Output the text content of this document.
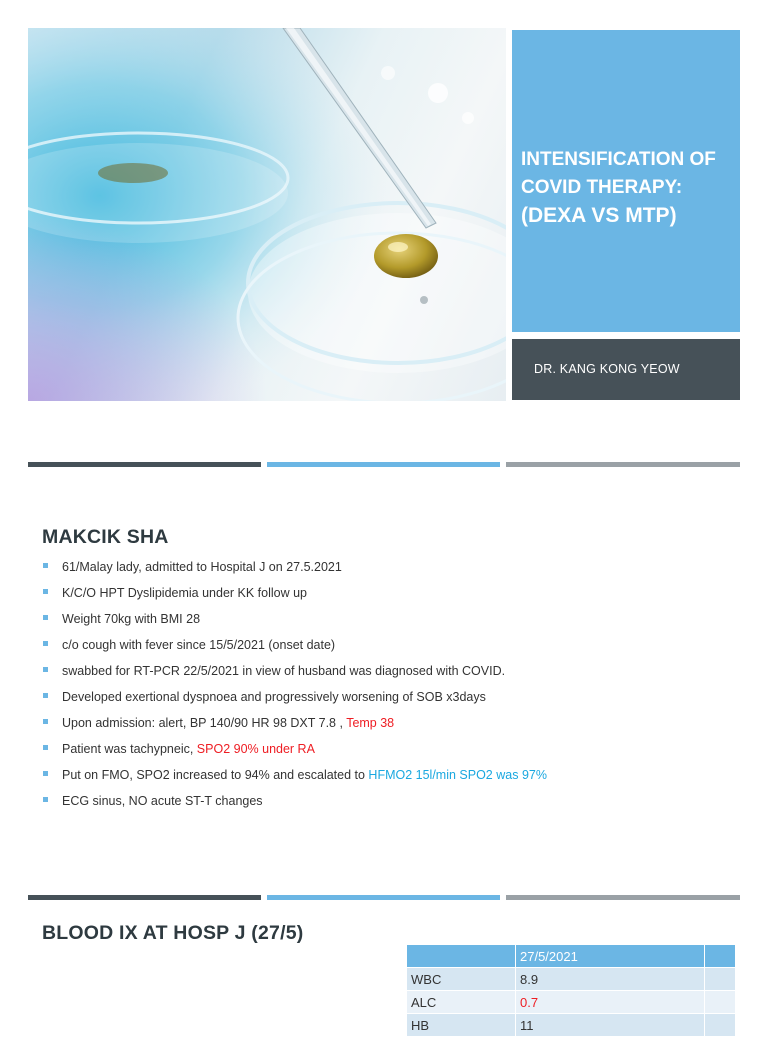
INTENSIFICATION OF
COVID THERAPY:
(DEXA VS MTP)
DR. KANG KONG YEOW
MAKCIK SHA
61/Malay lady, admitted to Hospital J on 27.5.2021
K/C/O HPT Dyslipidemia under KK follow up
Weight 70kg with BMI 28
c/o cough with fever since 15/5/2021 (onset date)
swabbed for RT-PCR 22/5/2021 in view of husband was diagnosed with COVID.
Developed exertional dyspnoea and progressively worsening of SOB x3days
Upon admission: alert, BP 140/90 HR 98 DXT 7.8 , Temp 38
Patient was tachypneic, SPO2 90% under RA
Put on FMO, SPO2 increased to 94% and escalated to HFMO2 15l/min SPO2 was 97%
ECG sinus, NO acute ST-T changes
BLOOD IX AT HOSP J (27/5)
	27/5/2021	
WBC	8.9	
ALC	0.7	
HB	11	
